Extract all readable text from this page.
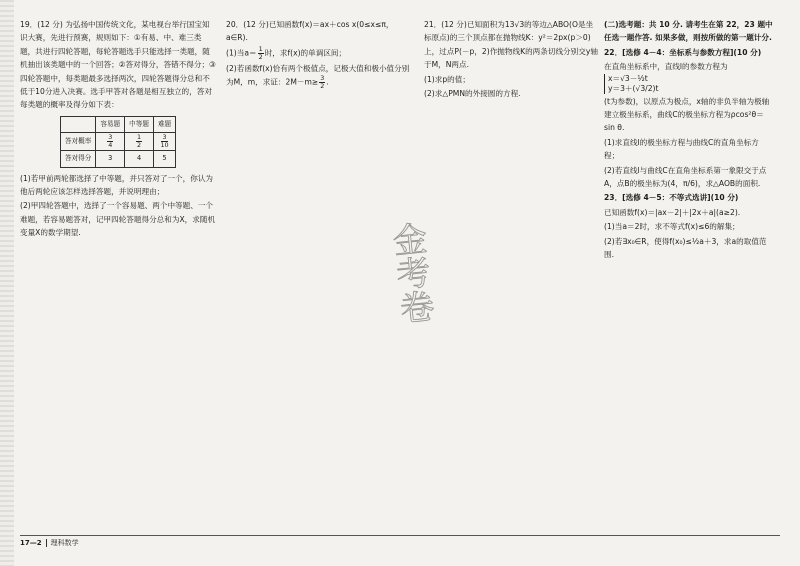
19．(12 分) 为弘扬中国传统文化，某电视台举行国宝知识大赛，先进行预赛，规则如下：①有易、中、难三类题，共进行四轮答题，每轮答题选手只能选择一类题，随机抽出该类题中的一个回答；②答对得分，答错不得分；③四轮答题中，每类题最多选择两次，四轮答题得分总和不低于10分进入决赛。选手甲答对各题是相互独立的，答对每类题的概率及得分如下表：

	容易题	中等题	难题
答对概率	$\frac{3}{4}$	$\frac{1}{2}$	$\frac{3}{10}$

答对得分	3	4	5

(1)若甲前两轮都选择了中等题，并只答对了一个，你认为他后两轮应该怎样选择答题，并说明理由；

(2)甲四轮答题中，选择了一个容易题、两个中等题、一个难题，若容易题答对，记甲四轮答题得分总和为X，求随机变量X的数学期望.

20．(12 分)已知函数f(x)＝ax＋cos x(0≤x≤π，a∈R).

(1)当$a= \frac{1}{2}$ 时，求f(x)的单调区间；

(2)若函数f(x)恰有两个极值点，记极大值和极小值分别为M，m，求证：$2M-m\ge \frac{3}{2}$ .

21．(12 分)已知面积为13√3的等边△ABO(O是坐标原点)的三个顶点都在抛物线K：y²＝2px(p＞0)上，过点P(－p，2)作抛物线K的两条切线分别交y轴于M，N两点.

(1)求p的值；

(2)求△PMN的外接圆的方程.

(二)选考题：共 10 分. 请考生在第 22，23 题中任选一题作答. 如果多做，则按所做的第一题计分.

22．[选修 4－4：坐标系与参数方程](10 分)

在直角坐标系中，直线l的参数方程为 x＝√3－½t
y＝3＋(√3/2)t

(t为参数)，以原点为极点，x轴的非负半轴为极轴建立极坐标系，曲线C的极坐标方程为ρcos²θ＝sin θ.

(1)求直线l的极坐标方程与曲线C的直角坐标方程；

(2)若直线l与曲线C在直角坐标系第一象限交于点A，点B的极坐标为(4，π/6)，求△AOB的面积.

23．[选修 4－5：不等式选讲](10 分)

已知函数f(x)＝|ax－2|＋|2x＋a|(a≥2).

(1)当a＝2时，求不等式f(x)≤6的解集；

(2)若∃x₀∈R，使得f(x₀)≤½a＋3，求a的取值范围.

金考卷
17—2	理科数学
